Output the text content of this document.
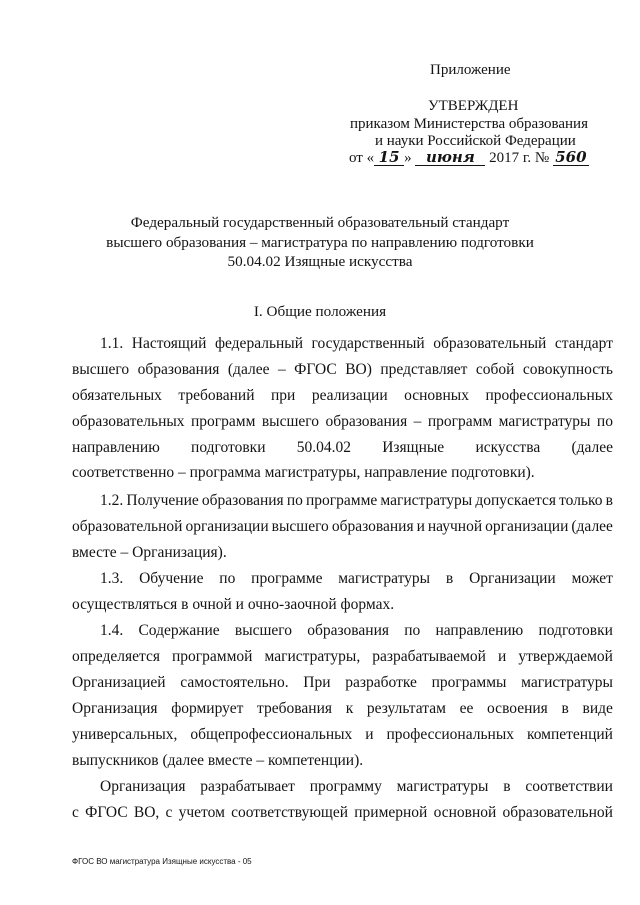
Приложение
УТВЕРЖДЕН
приказом Министерства образования
и науки Российской Федерации
от « 15 » июня 2017 г. № 560
Федеральный государственный образовательный стандарт
высшего образования – магистратура по направлению подготовки
50.04.02 Изящные искусства
I. Общие положения
1.1. Настоящий федеральный государственный образовательный стандарт
высшего образования (далее – ФГОС ВО) представляет собой совокупность
обязательных требований при реализации основных профессиональных
образовательных программ высшего образования – программ магистратуры по
направлению подготовки 50.04.02 Изящные искусства (далее
соответственно – программа магистратуры, направление подготовки).
1.2. Получение образования по программе магистратуры допускается только в
образовательной организации высшего образования и научной организации (далее
вместе – Организация).
1.3. Обучение по программе магистратуры в Организации может
осуществляться в очной и очно-заочной формах.
1.4. Содержание высшего образования по направлению подготовки
определяется программой магистратуры, разрабатываемой и утверждаемой
Организацией самостоятельно. При разработке программы магистратуры
Организация формирует требования к результатам ее освоения в виде
универсальных, общепрофессиональных и профессиональных компетенций
выпускников (далее вместе – компетенции).
Организация разрабатывает программу магистратуры в соответствии
с ФГОС ВО, с учетом соответствующей примерной основной образовательной
ФГОС ВО магистратура Изящные искусства - 05
